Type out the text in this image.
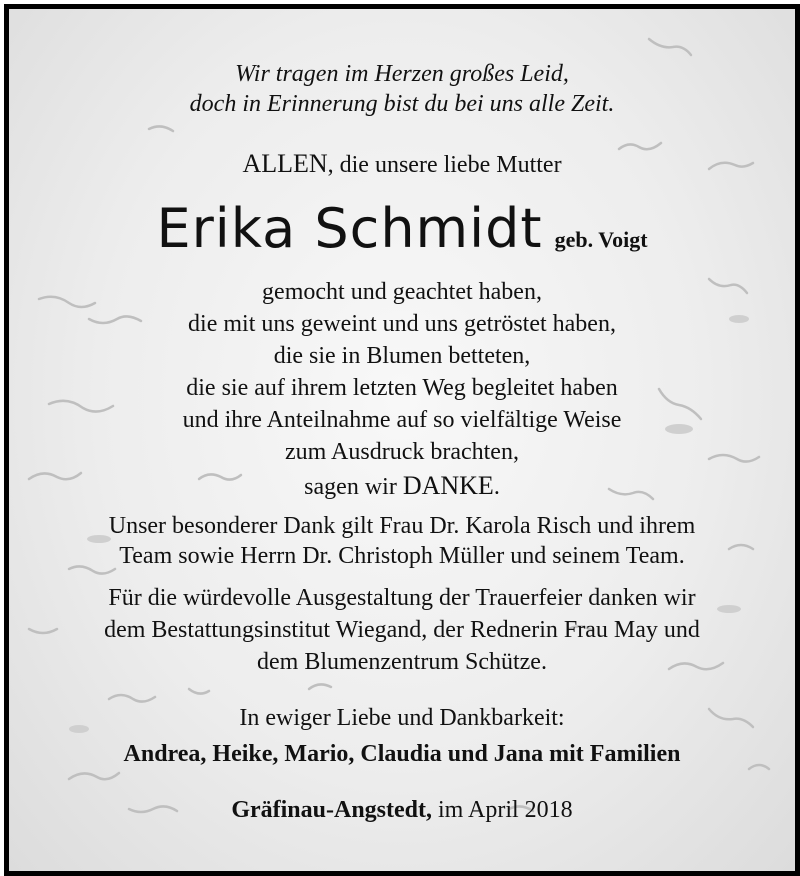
Wir tragen im Herzen großes Leid,
doch in Erinnerung bist du bei uns alle Zeit.
ALLEN, die unsere liebe Mutter
Erika Schmidt geb. Voigt
gemocht und geachtet haben,
die mit uns geweint und uns getröstet haben,
die sie in Blumen betteten,
die sie auf ihrem letzten Weg begleitet haben
und ihre Anteilnahme auf so vielfältige Weise
zum Ausdruck brachten,
sagen wir DANKE.
Unser besonderer Dank gilt Frau Dr. Karola Risch und ihrem
Team sowie Herrn Dr. Christoph Müller und seinem Team.
Für die würdevolle Ausgestaltung der Trauerfeier danken wir
dem Bestattungsinstitut Wiegand, der Rednerin Frau May und
dem Blumenzentrum Schütze.
In ewiger Liebe und Dankbarkeit:
Andrea, Heike, Mario, Claudia und Jana mit Familien
Gräfinau-Angstedt, im April 2018
